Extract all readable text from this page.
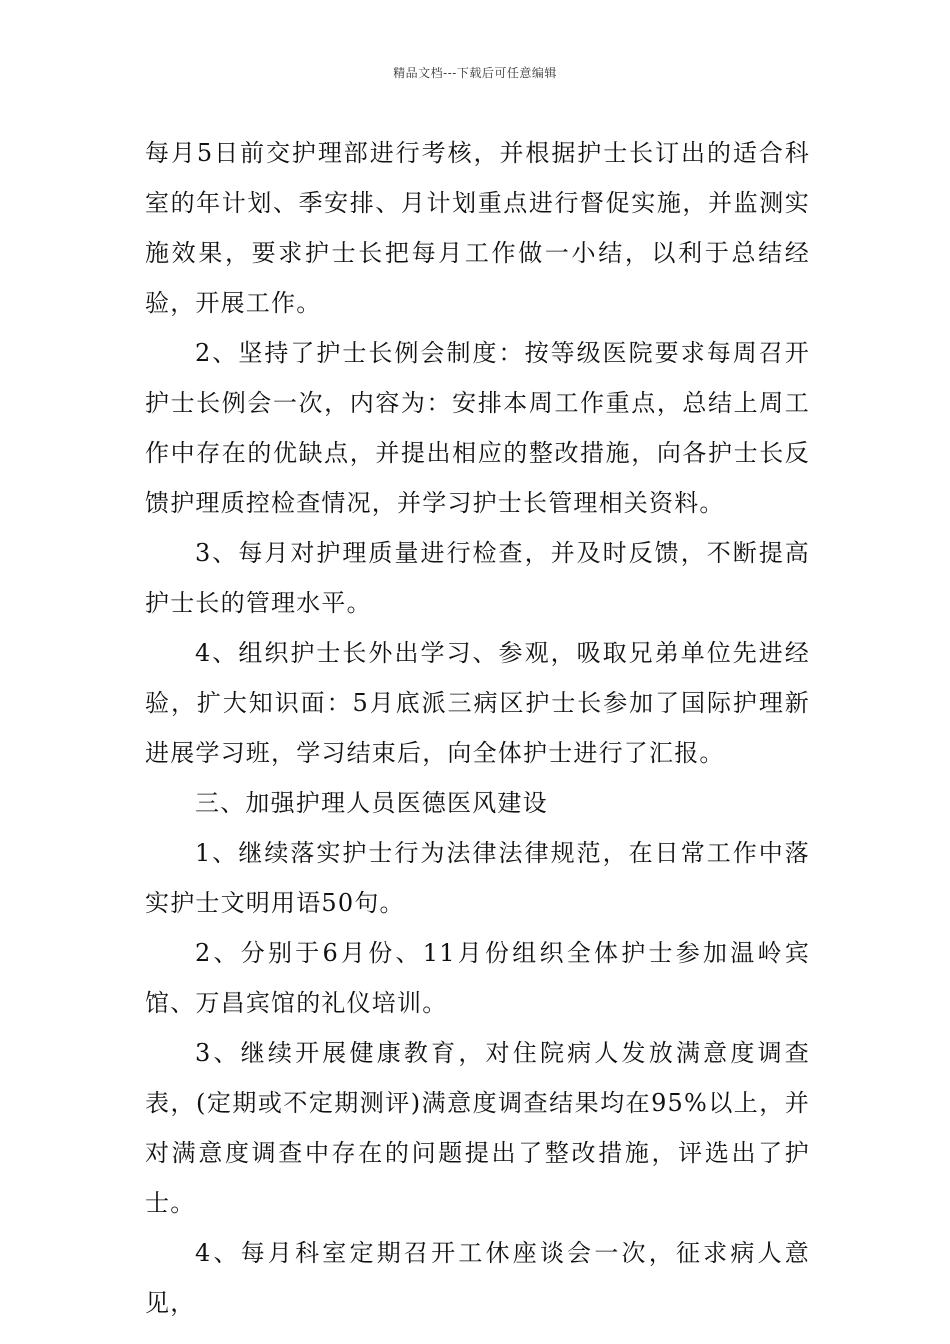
精品文档---下载后可任意编辑

每月5日前交护理部进行考核，并根据护士长订出的适合科室的年计划、季安排、月计划重点进行督促实施，并监测实施效果，要求护士长把每月工作做一小结，以利于总结经验，开展工作。

2、坚持了护士长例会制度：按等级医院要求每周召开护士长例会一次，内容为：安排本周工作重点，总结上周工作中存在的优缺点，并提出相应的整改措施，向各护士长反馈护理质控检查情况，并学习护士长管理相关资料。

3、每月对护理质量进行检查，并及时反馈，不断提高护士长的管理水平。

4、组织护士长外出学习、参观，吸取兄弟单位先进经验，扩大知识面：5月底派三病区护士长参加了国际护理新进展学习班，学习结束后，向全体护士进行了汇报。

三、加强护理人员医德医风建设

1、继续落实护士行为法律法律规范，在日常工作中落实护士文明用语50句。

2、分别于6月份、11月份组织全体护士参加温岭宾馆、万昌宾馆的礼仪培训。

3、继续开展健康教育，对住院病人发放满意度调查表，(定期或不定期测评)满意度调查结果均在95%以上，并对满意度调查中存在的问题提出了整改措施，评选出了护士。

4、每月科室定期召开工休座谈会一次，征求病人意见，
